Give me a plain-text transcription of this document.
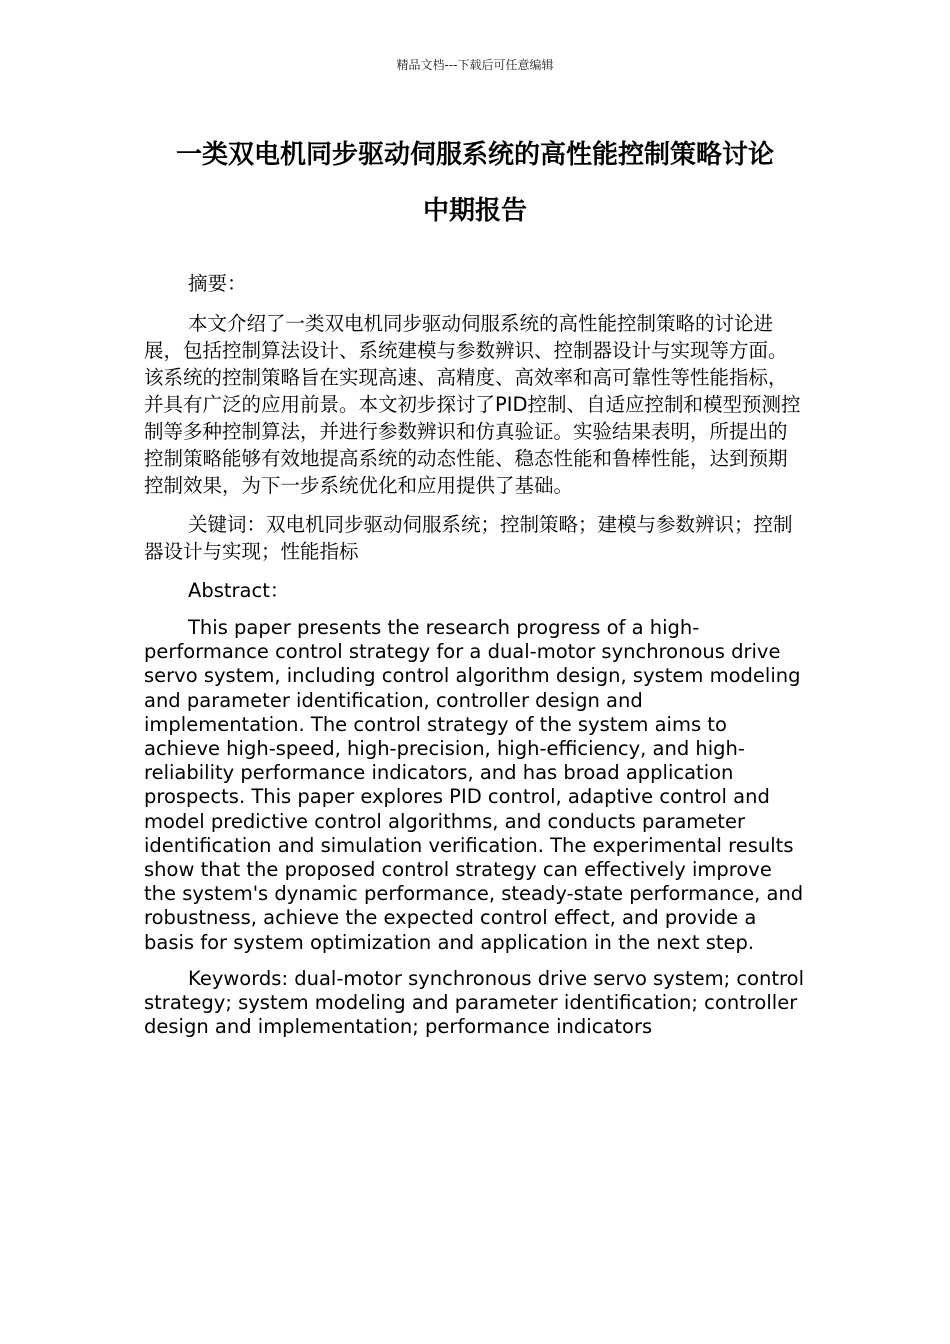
精品文档---下载后可任意编辑
一类双电机同步驱动伺服系统的高性能控制策略讨论
中期报告

摘要：

本文介绍了一类双电机同步驱动伺服系统的高性能控制策略的讨论进展，包括控制算法设计、系统建模与参数辨识、控制器设计与实现等方面。该系统的控制策略旨在实现高速、高精度、高效率和高可靠性等性能指标，并具有广泛的应用前景。本文初步探讨了PID控制、自适应控制和模型预测控制等多种控制算法，并进行参数辨识和仿真验证。实验结果表明，所提出的控制策略能够有效地提高系统的动态性能、稳态性能和鲁棒性能，达到预期控制效果，为下一步系统优化和应用提供了基础。

关键词：双电机同步驱动伺服系统；控制策略；建模与参数辨识；控制器设计与实现；性能指标

Abstract：

This paper presents the research progress of a high-performance control strategy for a dual-motor synchronous drive servo system, including control algorithm design, system modeling and parameter identification, controller design and implementation. The control strategy of the system aims to achieve high-speed, high-precision, high-efficiency, and high-reliability performance indicators, and has broad application prospects. This paper explores PID control, adaptive control and model predictive control algorithms, and conducts parameter identification and simulation verification. The experimental results show that the proposed control strategy can effectively improve the system's dynamic performance, steady-state performance, and robustness, achieve the expected control effect, and provide a basis for system optimization and application in the next step.

Keywords: dual-motor synchronous drive servo system; control strategy; system modeling and parameter identification; controller design and implementation; performance indicators
